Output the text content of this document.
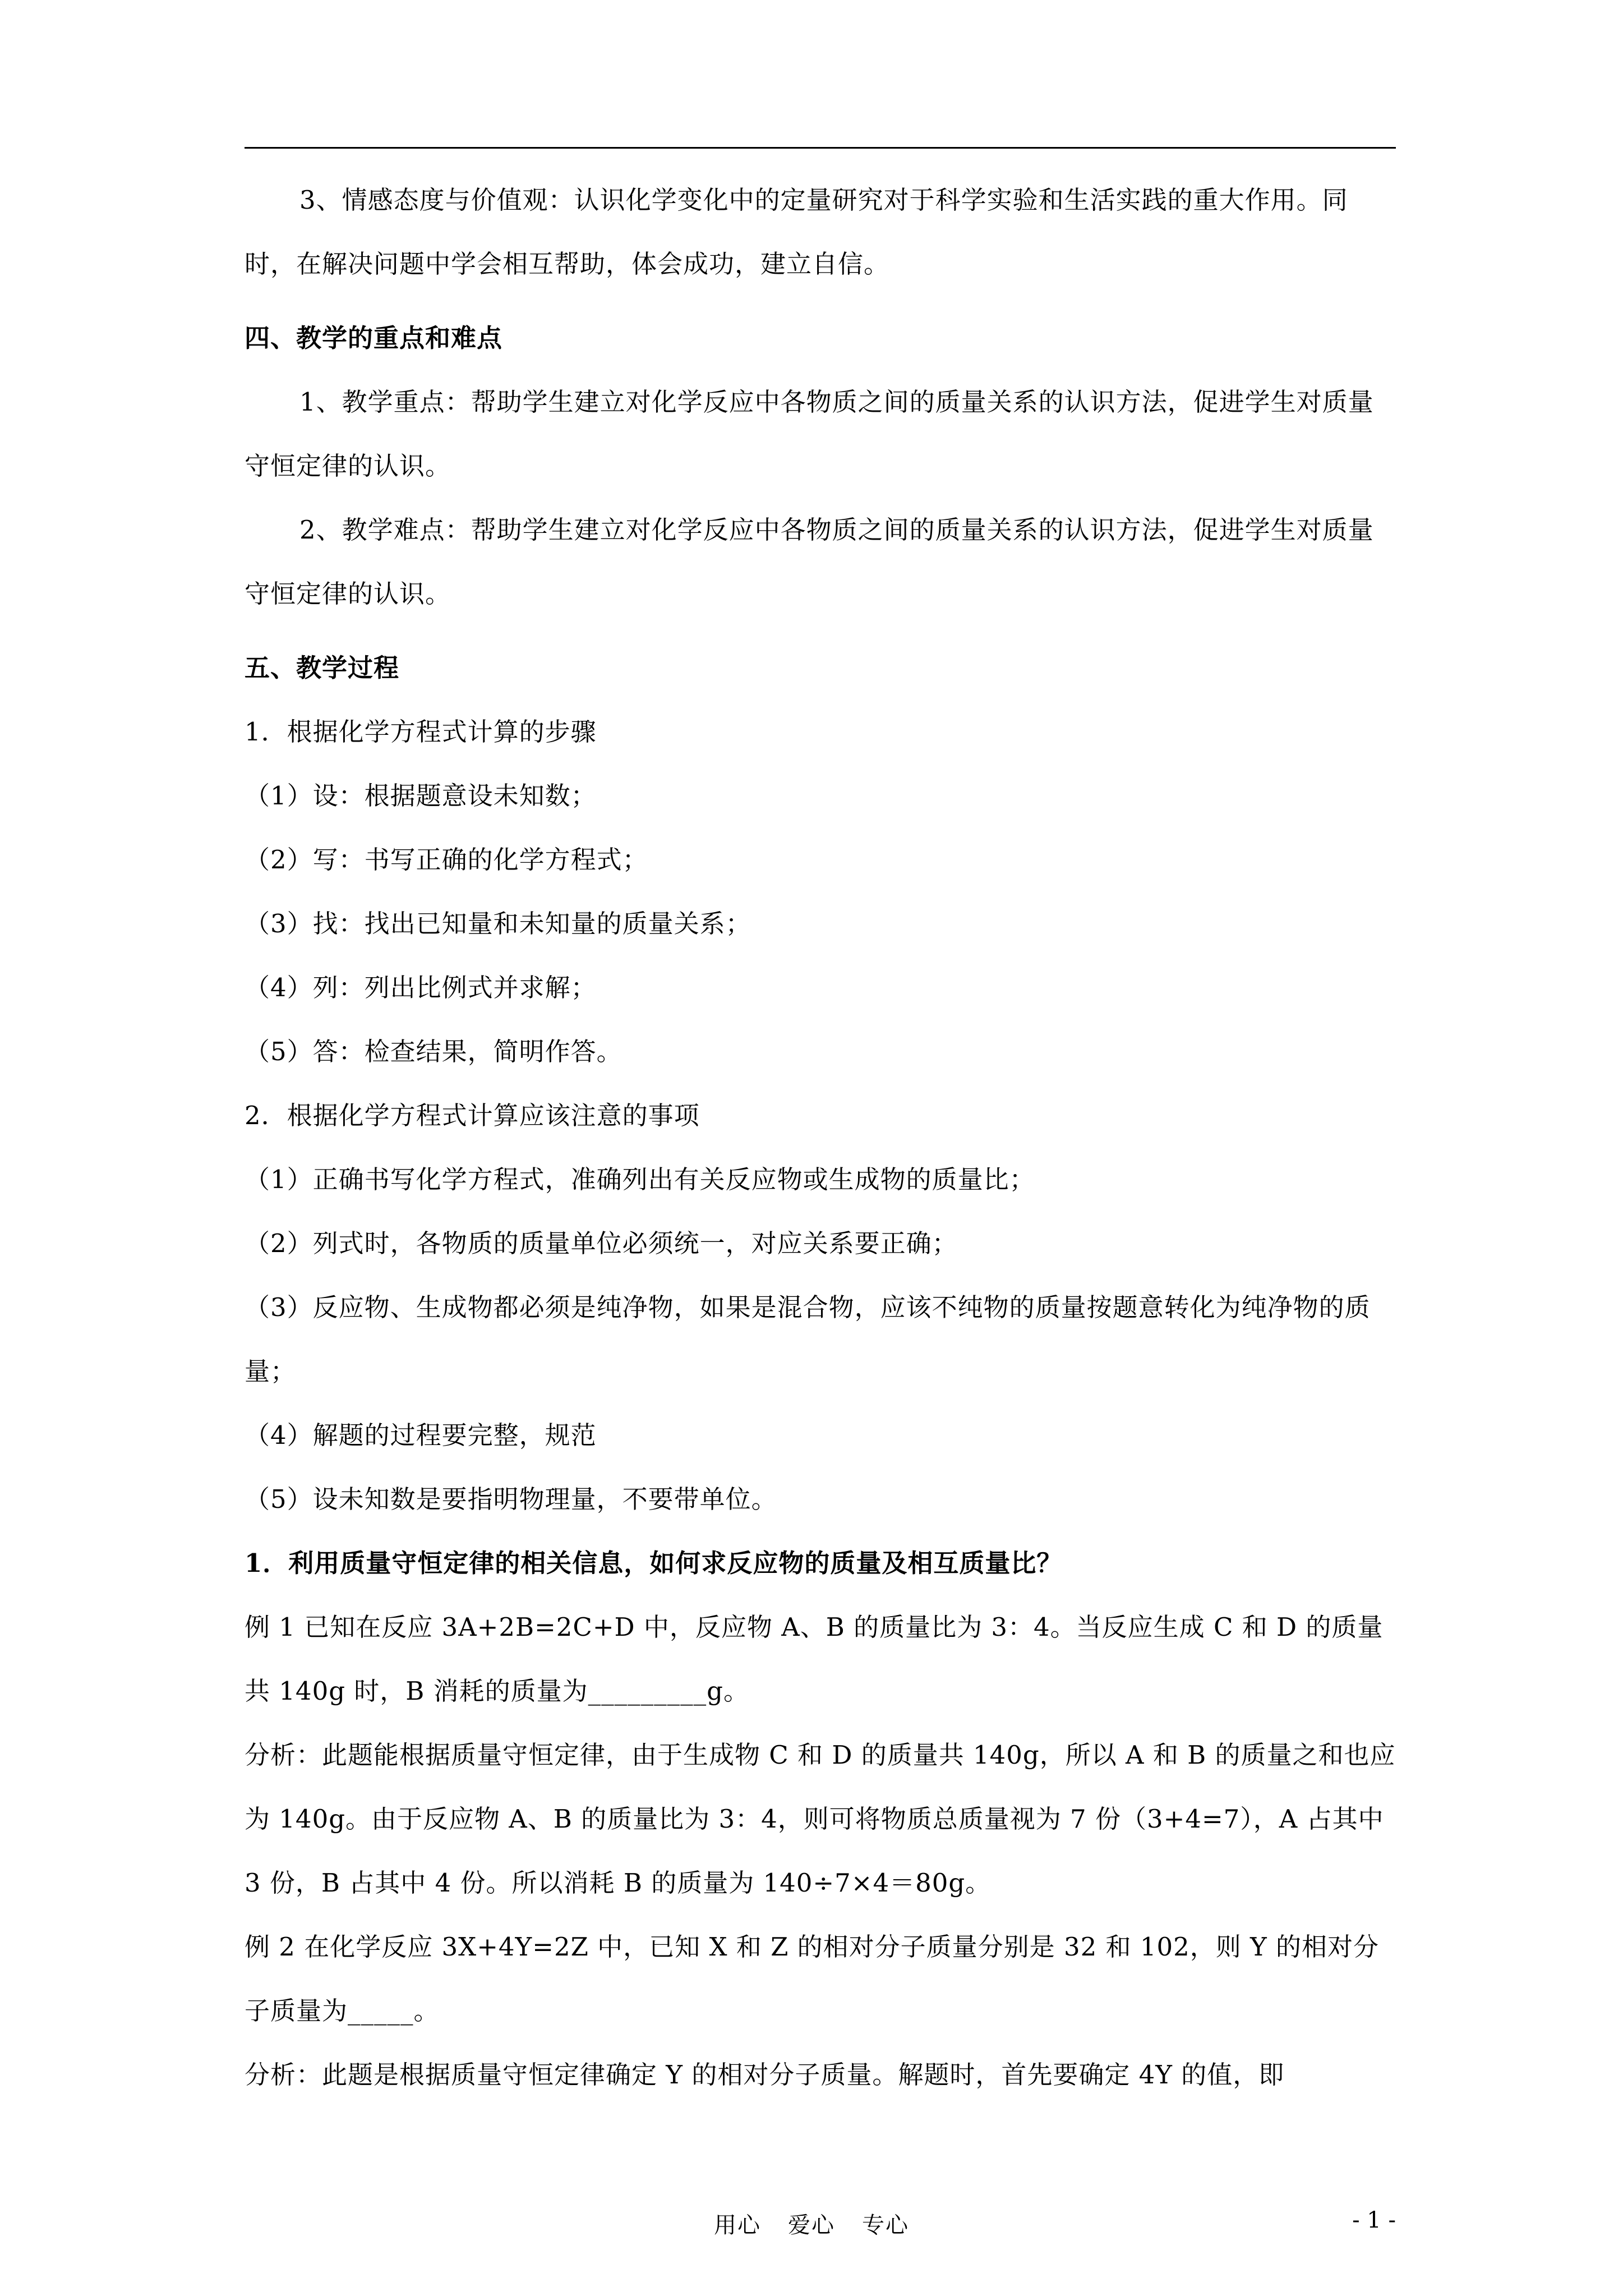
3、情感态度与价值观：认识化学变化中的定量研究对于科学实验和生活实践的重大作用。同时，在解决问题中学会相互帮助，体会成功，建立自信。

四、教学的重点和难点

1、教学重点：帮助学生建立对化学反应中各物质之间的质量关系的认识方法，促进学生对质量守恒定律的认识。

2、教学难点：帮助学生建立对化学反应中各物质之间的质量关系的认识方法，促进学生对质量守恒定律的认识。

五、教学过程

1．根据化学方程式计算的步骤

（1）设：根据题意设未知数；

（2）写：书写正确的化学方程式；

（3）找：找出已知量和未知量的质量关系；

（4）列：列出比例式并求解；

（5）答：检查结果，简明作答。

2．根据化学方程式计算应该注意的事项

（1）正确书写化学方程式，准确列出有关反应物或生成物的质量比；

（2）列式时，各物质的质量单位必须统一，对应关系要正确；

（3）反应物、生成物都必须是纯净物，如果是混合物，应该不纯物的质量按题意转化为纯净物的质量；

（4）解题的过程要完整，规范

（5）设未知数是要指明物理量，不要带单位。

1．利用质量守恒定律的相关信息，如何求反应物的质量及相互质量比？

例 1 已知在反应 3A+2B=2C+D 中，反应物 A、B 的质量比为 3：4。当反应生成 C 和 D 的质量共 140g 时，B 消耗的质量为_________g。

分析：此题能根据质量守恒定律，由于生成物 C 和 D 的质量共 140g，所以 A 和 B 的质量之和也应为 140g。由于反应物 A、B 的质量比为 3：4，则可将物质总质量视为 7 份（3+4=7），A 占其中 3 份，B 占其中 4 份。所以消耗 B 的质量为 140÷7×4＝80g。

例 2 在化学反应 3X+4Y=2Z 中，已知 X 和 Z 的相对分子质量分别是 32 和 102，则 Y 的相对分子质量为_____。

分析：此题是根据质量守恒定律确定 Y 的相对分子质量。解题时，首先要确定 4Y 的值，即

用心 爱心 专心	- 1 -
